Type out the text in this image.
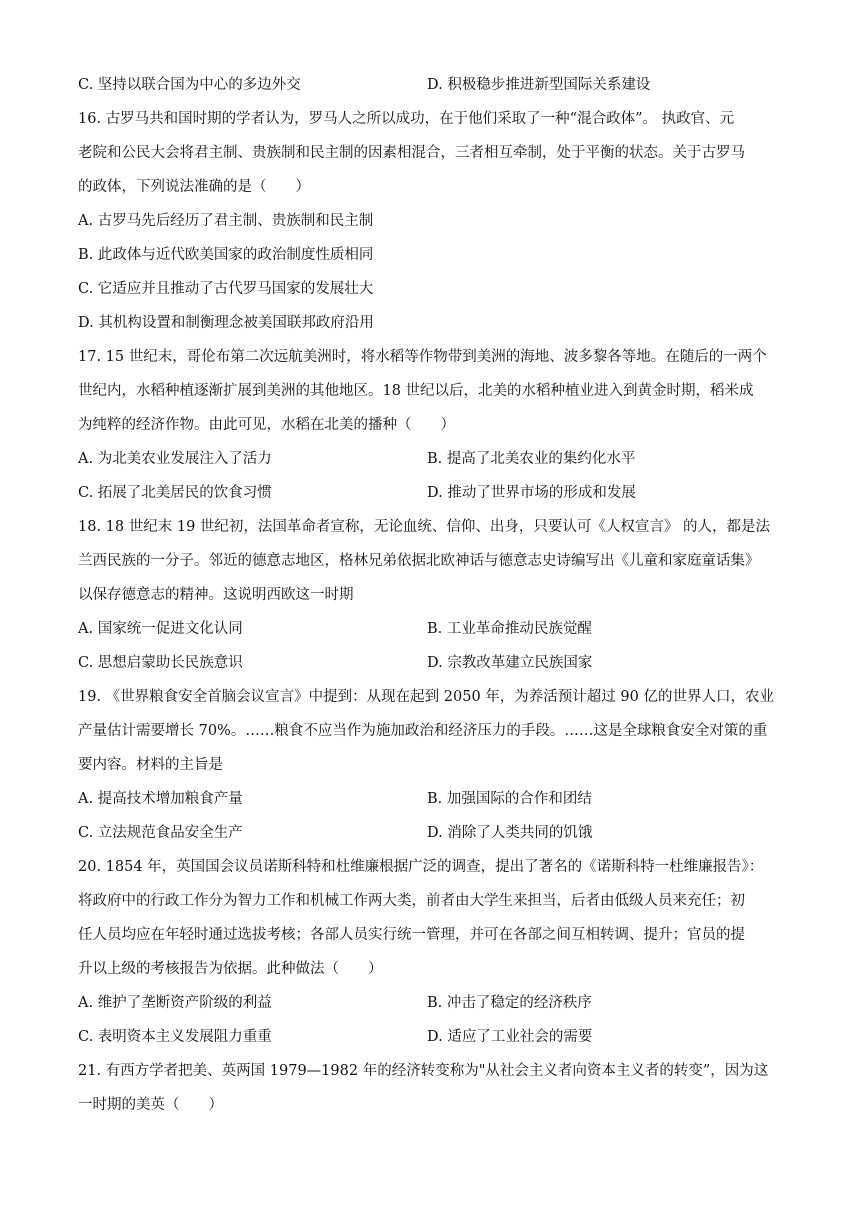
C. 坚持以联合国为中心的多边外交	D. 积极稳步推进新型国际关系建设
16. 古罗马共和国时期的学者认为，罗马人之所以成功，在于他们采取了一种“混合政体”。 执政官、元
老院和公民大会将君主制、贵族制和民主制的因素相混合，三者相互牵制，处于平衡的状态。关于古罗马
的政体，下列说法准确的是（　　）
A. 古罗马先后经历了君主制、贵族制和民主制
B. 此政体与近代欧美国家的政治制度性质相同
C. 它适应并且推动了古代罗马国家的发展壮大
D. 其机构设置和制衡理念被美国联邦政府沿用
17. 15 世纪末，哥伦布第二次远航美洲时，将水稻等作物带到美洲的海地、波多黎各等地。在随后的一两个
世纪内，水稻种植逐渐扩展到美洲的其他地区。18 世纪以后，北美的水稻种植业进入到黄金时期，稻米成
为纯粹的经济作物。由此可见，水稻在北美的播种（　　）
A. 为北美农业发展注入了活力	B. 提高了北美农业的集约化水平
C. 拓展了北美居民的饮食习惯	D. 推动了世界市场的形成和发展
18. 18 世纪末 19 世纪初，法国革命者宣称，无论血统、信仰、出身，只要认可《人权宣言》 的人，都是法
兰西民族的一分子。邻近的德意志地区，格林兄弟依据北欧神话与德意志史诗编写出《儿童和家庭童话集》
以保存德意志的精神。这说明西欧这一时期
A. 国家统一促进文化认同	B. 工业革命推动民族觉醒
C. 思想启蒙助长民族意识	D. 宗教改革建立民族国家
19. 《世界粮食安全首脑会议宣言》中提到：从现在起到 2050 年，为养活预计超过 90 亿的世界人口，农业
产量估计需要增长 70%。……粮食不应当作为施加政治和经济压力的手段。……这是全球粮食安全对策的重
要内容。材料的主旨是
A. 提高技术增加粮食产量	B. 加强国际的合作和团结
C. 立法规范食品安全生产	D. 消除了人类共同的饥饿
20. 1854 年，英国国会议员诺斯科特和杜维廉根据广泛的调查，提出了著名的《诺斯科特一杜维廉报告》：
将政府中的行政工作分为智力工作和机械工作两大类，前者由大学生来担当，后者由低级人员来充任；初
任人员均应在年轻时通过选拔考核；各部人员实行统一管理，并可在各部之间互相转调、提升；官员的提
升以上级的考核报告为依据。此种做法（　　）
A. 维护了垄断资产阶级的利益	B. 冲击了稳定的经济秩序
C. 表明资本主义发展阻力重重	D. 适应了工业社会的需要
21. 有西方学者把美、英两国 1979—1982 年的经济转变称为"从社会主义者向资本主义者的转变”，因为这
一时期的美英（　　）
